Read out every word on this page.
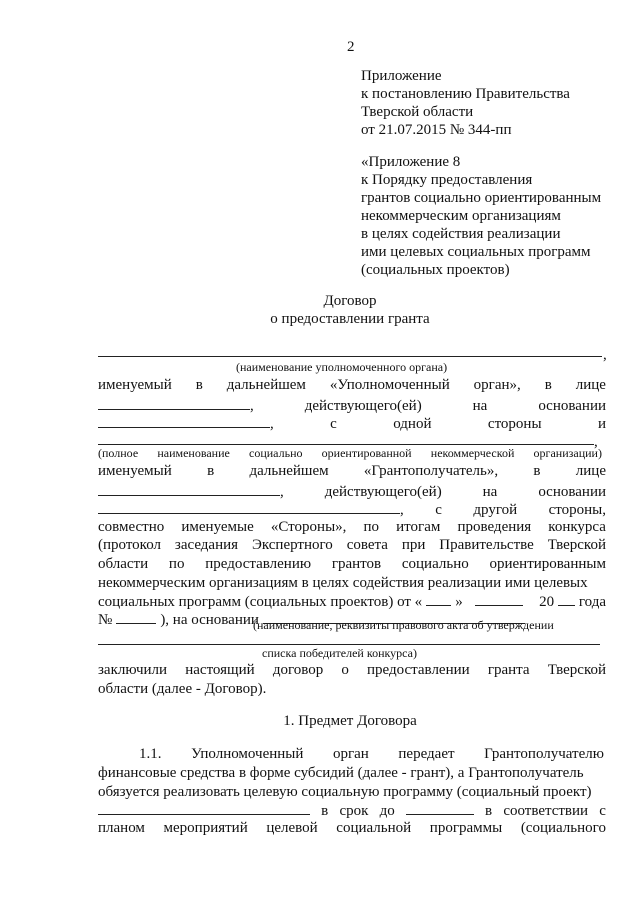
2
Приложение
к постановлению Правительства
Тверской области
от 21.07.2015 № 344-пп
«Приложение 8
к Порядку предоставления
грантов социально ориентированным
некоммерческим организациям
в целях содействия реализации
ими целевых социальных программ
(социальных проектов)
Договор
о предоставлении гранта
,
(наименование уполномоченного органа)
именуемый в дальнейшем «Уполномоченный орган», в лице
,	действующего(ей)	на	основании
,	с	одной	стороны	и
,
(полное наименование социально ориентированной некоммерческой организации)
именуемый в дальнейшем «Грантополучатель», в лице
,	действующего(ей)	на	основании
, с другой стороны,
совместно именуемые «Стороны», по итогам проведения конкурса
(протокол заседания Экспертного совета при Правительстве Тверской
области по предоставлению грантов социально ориентированным
некоммерческим организациям в целях содействия реализации ими целевых
социальных программ (социальных проектов) от « »	20 года
№	), на основании
(наименование, реквизиты правового акта об утверждении
списка победителей конкурса)
заключили настоящий договор о предоставлении гранта Тверской
области (далее - Договор).
1. Предмет Договора
1.1. Уполномоченный орган передает Грантополучателю
финансовые средства в форме субсидий (далее - грант), а Грантополучатель
обязуется реализовать целевую социальную программу (социальный проект)
в срок до	в соответствии с
планом мероприятий целевой социальной программы (социального
